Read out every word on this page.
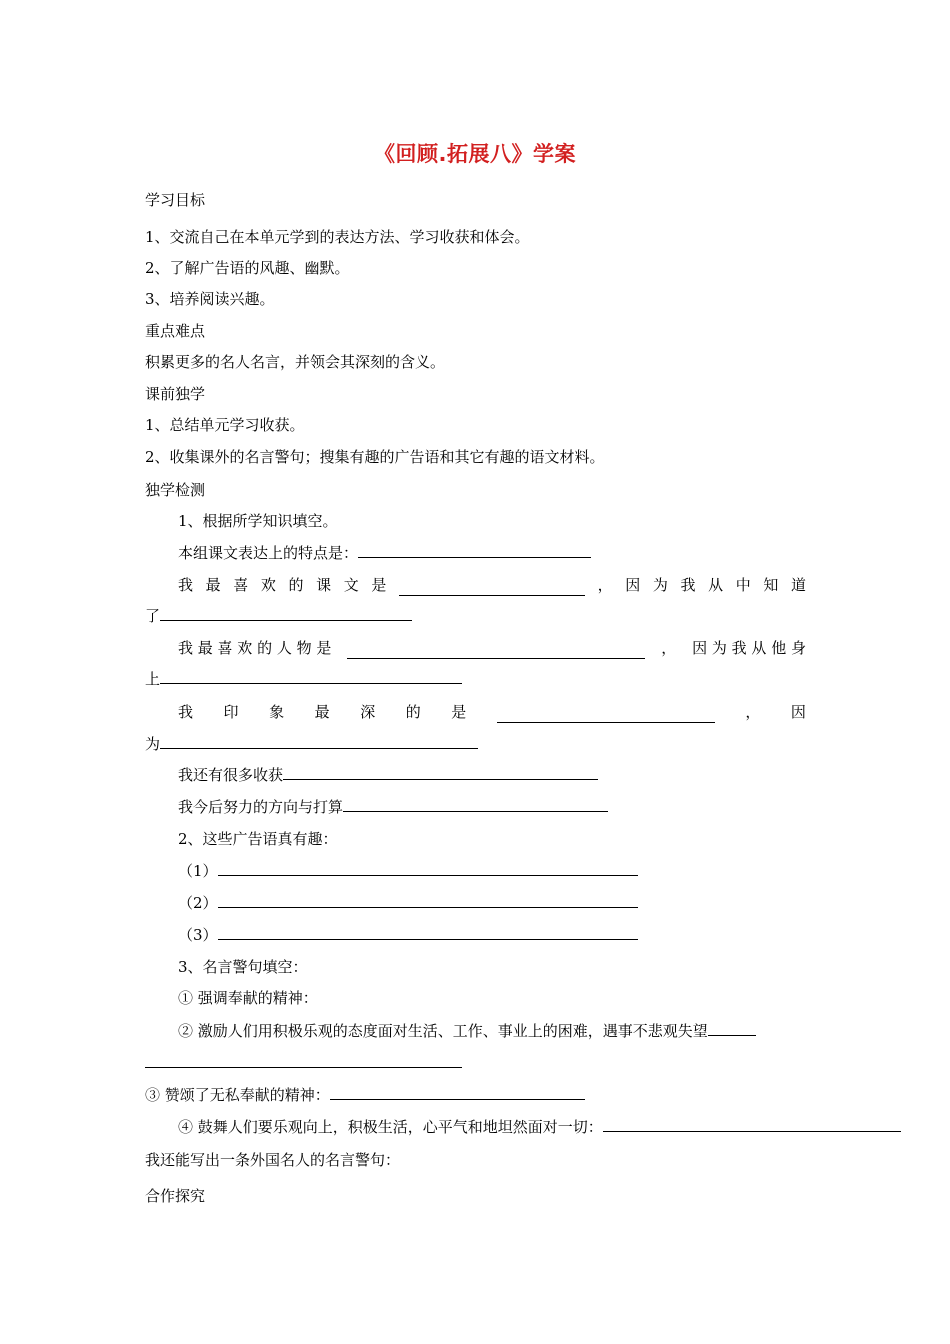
《回顾.拓展八》学案
学习目标
1、交流自己在本单元学到的表达方法、学习收获和体会。
2、了解广告语的风趣、幽默。
3、培养阅读兴趣。
重点难点
积累更多的名人名言，并领会其深刻的含义。
课前独学
1、总结单元学习收获。
2、收集课外的名言警句；搜集有趣的广告语和其它有趣的语文材料。
独学检测
1、根据所学知识填空。
本组课文表达上的特点是：
我 最 喜 欢 的 课 文 是	， 因 为 我 从 中 知 道
了
我 最 喜 欢 的 人 物 是	， 因 为 我 从 他 身
上
我 印 象 最 深 的 是	， 因
为
我还有很多收获
我今后努力的方向与打算
2、这些广告语真有趣：
（1）
（2）
（3）
3、名言警句填空：
① 强调奉献的精神：
② 激励人们用积极乐观的态度面对生活、工作、事业上的困难，遇事不悲观失望
③ 赞颂了无私奉献的精神：
④ 鼓舞人们要乐观向上，积极生活，心平气和地坦然面对一切：
我还能写出一条外国名人的名言警句：
合作探究
